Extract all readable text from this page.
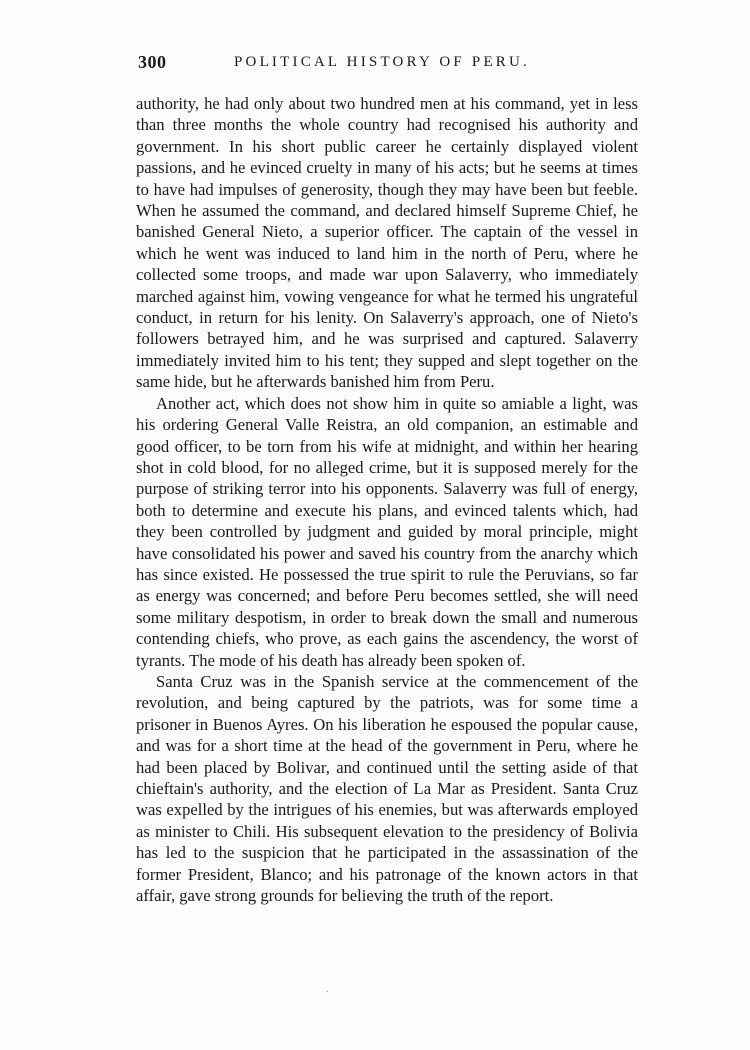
300	POLITICAL HISTORY OF PERU.

authority, he had only about two hundred men at his command, yet in less than three months the whole country had recognised his authority and government. In his short public career he certainly displayed violent passions, and he evinced cruelty in many of his acts; but he seems at times to have had impulses of generosity, though they may have been but feeble. When he assumed the command, and declared himself Supreme Chief, he banished General Nieto, a superior officer. The captain of the vessel in which he went was induced to land him in the north of Peru, where he collected some troops, and made war upon Salaverry, who immediately marched against him, vowing vengeance for what he termed his ungrateful conduct, in return for his lenity. On Salaverry's approach, one of Nieto's followers betrayed him, and he was surprised and captured. Salaverry immediately invited him to his tent; they supped and slept together on the same hide, but he afterwards banished him from Peru.

Another act, which does not show him in quite so amiable a light, was his ordering General Valle Reistra, an old companion, an estimable and good officer, to be torn from his wife at midnight, and within her hearing shot in cold blood, for no alleged crime, but it is supposed merely for the purpose of striking terror into his opponents. Salaverry was full of energy, both to determine and execute his plans, and evinced talents which, had they been controlled by judgment and guided by moral principle, might have consolidated his power and saved his country from the anarchy which has since existed. He possessed the true spirit to rule the Peruvians, so far as energy was concerned; and before Peru becomes settled, she will need some military despotism, in order to break down the small and numerous contending chiefs, who prove, as each gains the ascendency, the worst of tyrants. The mode of his death has already been spoken of.

Santa Cruz was in the Spanish service at the commencement of the revolution, and being captured by the patriots, was for some time a prisoner in Buenos Ayres. On his liberation he espoused the popular cause, and was for a short time at the head of the government in Peru, where he had been placed by Bolivar, and continued until the setting aside of that chieftain's authority, and the election of La Mar as President. Santa Cruz was expelled by the intrigues of his enemies, but was afterwards employed as minister to Chili. His subsequent elevation to the presidency of Bolivia has led to the suspicion that he participated in the assassination of the former President, Blanco; and his patronage of the known actors in that affair, gave strong grounds for believing the truth of the report.

.
